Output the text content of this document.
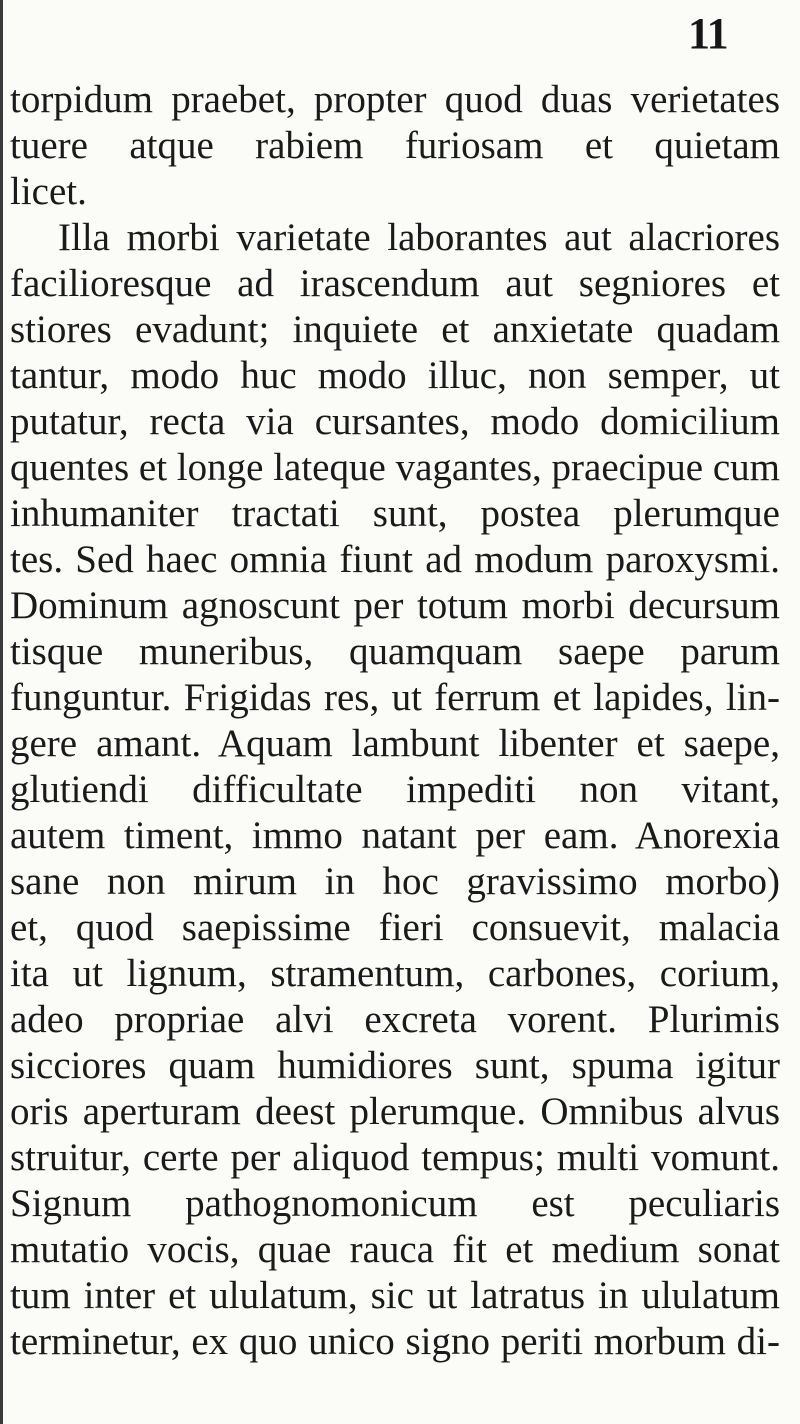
11
torpidum praebet, propter quod duas verietates
tuere atque rabiem furiosam et quietam
licet.
Illa morbi varietate laborantes aut alacriores
facilioresque ad irascendum aut segniores et
stiores evadunt; inquiete et anxietate quadam
tantur, modo huc modo illuc, non semper, ut
putatur, recta via cursantes, modo domicilium
quentes et longe lateque vagantes, praecipue cum
inhumaniter tractati sunt, postea plerumque
tes. Sed haec omnia fiunt ad modum paroxysmi.
Dominum agnoscunt per totum morbi decursum
tisque muneribus, quamquam saepe parum
funguntur. Frigidas res, ut ferrum et lapides, lin-
gere amant. Aquam lambunt libenter et saepe,
glutiendi difficultate impediti non vitant,
autem timent, immo natant per eam. Anorexia
sane non mirum in hoc gravissimo morbo)
et, quod saepissime fieri consuevit, malacia
ita ut lignum, stramentum, carbones, corium,
adeo propriae alvi excreta vorent. Plurimis
sicciores quam humidiores sunt, spuma igitur
oris aperturam deest plerumque. Omnibus alvus
struitur, certe per aliquod tempus; multi vomunt.
Signum pathognomonicum est peculiaris
mutatio vocis, quae rauca fit et medium sonat
tum inter et ululatum, sic ut latratus in ululatum
terminetur, ex quo unico signo periti morbum di-
